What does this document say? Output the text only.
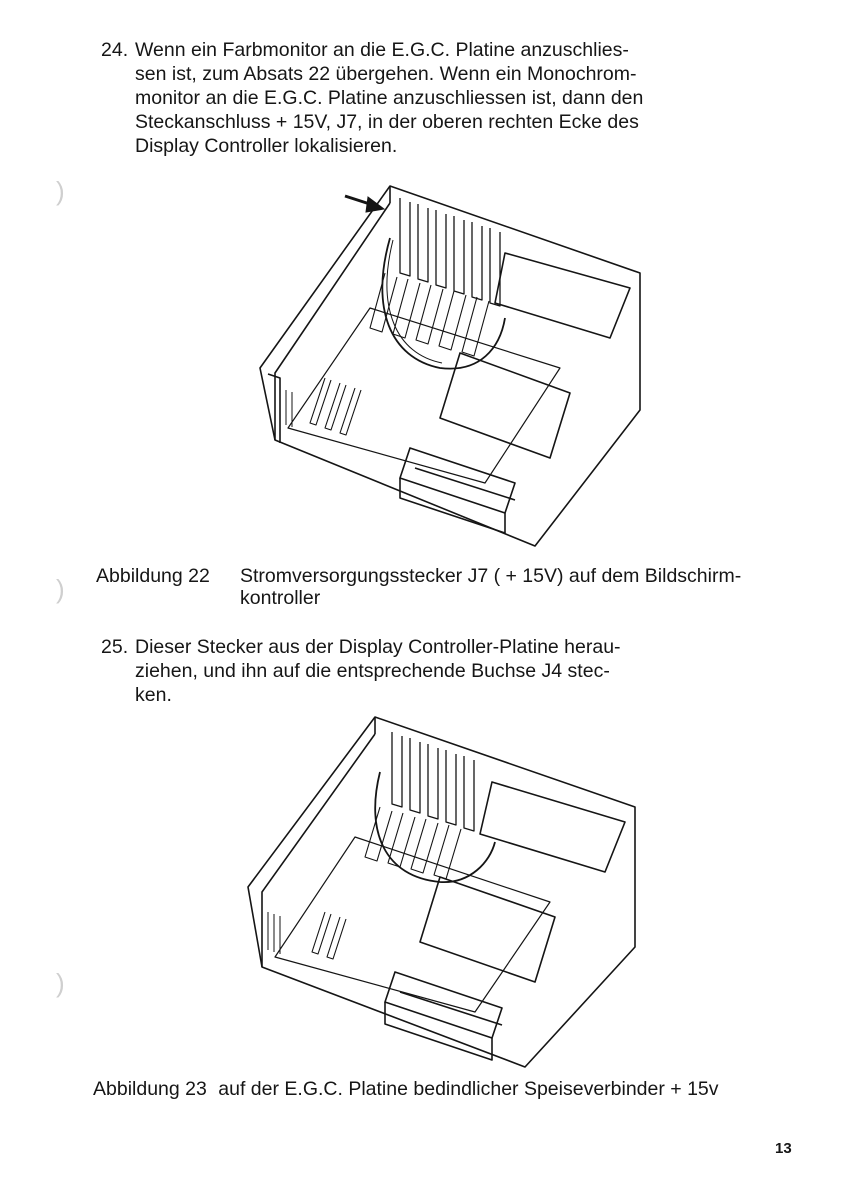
)
)
)
24. Wenn ein Farbmonitor an die E.G.C. Platine anzuschlies-
sen ist, zum Absats 22 übergehen. Wenn ein Monochrom-
monitor an die E.G.C. Platine anzuschliessen ist, dann den
Steckanschluss + 15V, J7, in der oberen rechten Ecke des
Display Controller lokalisieren.
Abbildung 22 Stromversorgungsstecker J7 ( + 15V) auf dem Bildschirm-
kontroller
25. Dieser Stecker aus der Display Controller-Platine herau-
ziehen, und ihn auf die entsprechende Buchse J4 stec-
ken.
Abbildung 23 auf der E.G.C. Platine bedindlicher Speiseverbinder + 15v
13
